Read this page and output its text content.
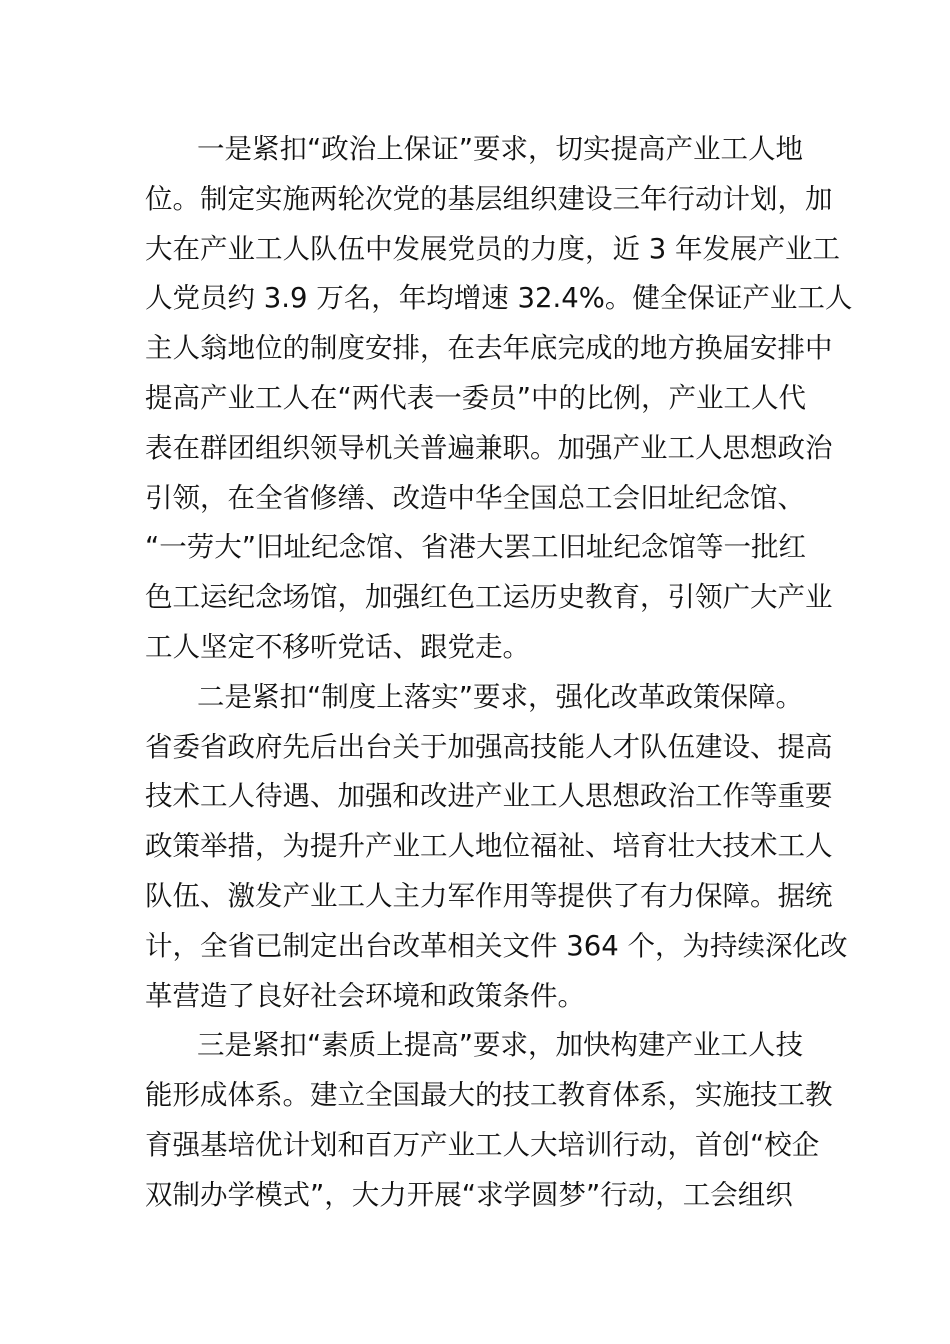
一是紧扣“政治上保证”要求，切实提高产业工人地
位。制定实施两轮次党的基层组织建设三年行动计划，加
大在产业工人队伍中发展党员的力度，近 3 年发展产业工
人党员约 3.9 万名，年均增速 32.4%。健全保证产业工人
主人翁地位的制度安排，在去年底完成的地方换届安排中
提高产业工人在“两代表一委员”中的比例，产业工人代
表在群团组织领导机关普遍兼职。加强产业工人思想政治
引领，在全省修缮、改造中华全国总工会旧址纪念馆、
“一劳大”旧址纪念馆、省港大罢工旧址纪念馆等一批红
色工运纪念场馆，加强红色工运历史教育，引领广大产业
工人坚定不移听党话、跟党走。
二是紧扣“制度上落实”要求，强化改革政策保障。
省委省政府先后出台关于加强高技能人才队伍建设、提高
技术工人待遇、加强和改进产业工人思想政治工作等重要
政策举措，为提升产业工人地位福祉、培育壮大技术工人
队伍、激发产业工人主力军作用等提供了有力保障。据统
计，全省已制定出台改革相关文件 364 个，为持续深化改
革营造了良好社会环境和政策条件。
三是紧扣“素质上提高”要求，加快构建产业工人技
能形成体系。建立全国最大的技工教育体系，实施技工教
育强基培优计划和百万产业工人大培训行动，首创“校企
双制办学模式”，大力开展“求学圆梦”行动，工会组织
